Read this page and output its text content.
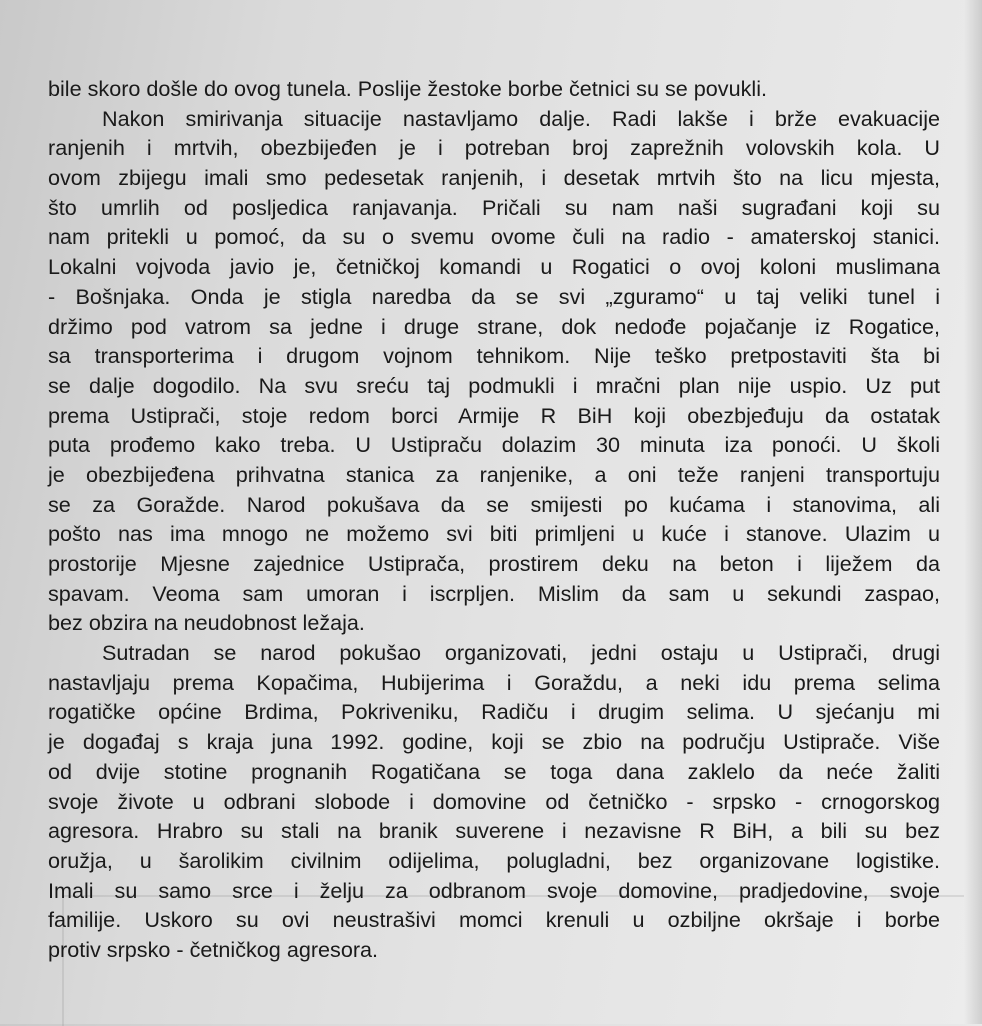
bile skoro došle do ovog tunela. Poslije žestoke borbe četnici su se povukli.
Nakon smirivanja situacije nastavljamo dalje. Radi lakše i brže evakuacije
ranjenih i mrtvih, obezbijeđen je i potreban broj zaprežnih volovskih kola. U
ovom zbijegu imali smo pedesetak ranjenih, i desetak mrtvih što na licu mjesta,
što umrlih od posljedica ranjavanja. Pričali su nam naši sugrađani koji su
nam pritekli u pomoć, da su o svemu ovome čuli na radio - amaterskoj stanici.
Lokalni vojvoda javio je, četničkoj komandi u Rogatici o ovoj koloni muslimana
- Bošnjaka. Onda je stigla naredba da se svi „zguramo“ u taj veliki tunel i
držimo pod vatrom sa jedne i druge strane, dok nedođe pojačanje iz Rogatice,
sa transporterima i drugom vojnom tehnikom. Nije teško pretpostaviti šta bi
se dalje dogodilo. Na svu sreću taj podmukli i mračni plan nije uspio. Uz put
prema Ustiprači, stoje redom borci Armije R BiH koji obezbjeđuju da ostatak
puta prođemo kako treba. U Ustipraču dolazim 30 minuta iza ponoći. U školi
je obezbijeđena prihvatna stanica za ranjenike, a oni teže ranjeni transportuju
se za Goražde. Narod pokušava da se smijesti po kućama i stanovima, ali
pošto nas ima mnogo ne možemo svi biti primljeni u kuće i stanove. Ulazim u
prostorije Mjesne zajednice Ustiprača, prostirem deku na beton i liježem da
spavam. Veoma sam umoran i iscrpljen. Mislim da sam u sekundi zaspao,
bez obzira na neudobnost ležaja.
Sutradan se narod pokušao organizovati, jedni ostaju u Ustiprači, drugi
nastavljaju prema Kopačima, Hubijerima i Goraždu, a neki idu prema selima
rogatičke općine Brdima, Pokriveniku, Radiču i drugim selima. U sjećanju mi
je događaj s kraja juna 1992. godine, koji se zbio na području Ustiprače. Više
od dvije stotine prognanih Rogatičana se toga dana zaklelo da neće žaliti
svoje živote u odbrani slobode i domovine od četničko - srpsko - crnogorskog
agresora. Hrabro su stali na branik suverene i nezavisne R BiH, a bili su bez
oružja, u šarolikim civilnim odijelima, polugladni, bez organizovane logistike.
Imali su samo srce i želju za odbranom svoje domovine, pradjedovine, svoje
familije. Uskoro su ovi neustrašivi momci krenuli u ozbiljne okršaje i borbe
protiv srpsko - četničkog agresora.
